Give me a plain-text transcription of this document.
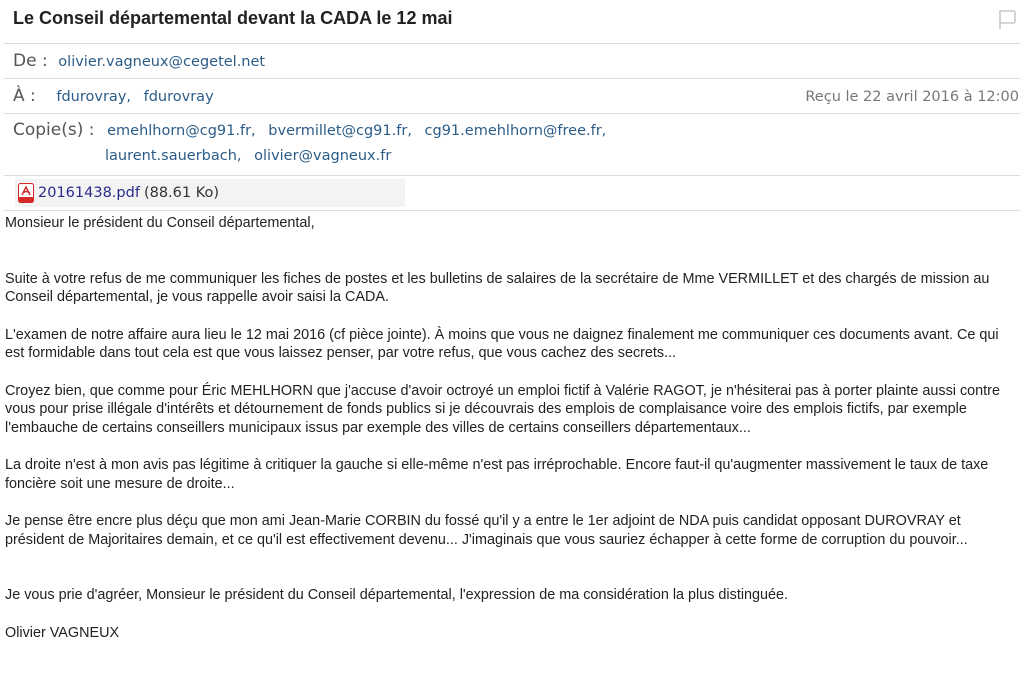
Le Conseil départemental devant la CADA le 12 mai
De : olivier.vagneux@cegetel.net
À : fdurovray, fdurovray	Reçu le 22 avril 2016 à 12:00
Copie(s) : emehlhorn@cg91.fr, bvermillet@cg91.fr, cg91.emehlhorn@free.fr,
laurent.sauerbach, olivier@vagneux.fr
20161438.pdf (88.61 Ko)

Monsieur le président du Conseil départemental,

Suite à votre refus de me communiquer les fiches de postes et les bulletins de salaires de la secrétaire de Mme VERMILLET et des chargés de mission au Conseil départemental, je vous rappelle avoir saisi la CADA.

L'examen de notre affaire aura lieu le 12 mai 2016 (cf pièce jointe). À moins que vous ne daignez finalement me communiquer ces documents avant. Ce qui est formidable dans tout cela est que vous laissez penser, par votre refus, que vous cachez des secrets...

Croyez bien, que comme pour Éric MEHLHORN que j'accuse d'avoir octroyé un emploi fictif à Valérie RAGOT, je n'hésiterai pas à porter plainte aussi contre vous pour prise illégale d'intérêts et détournement de fonds publics si je découvrais des emplois de complaisance voire des emplois fictifs, par exemple l'embauche de certains conseillers municipaux issus par exemple des villes de certains conseillers départementaux...

La droite n'est à mon avis pas légitime à critiquer la gauche si elle-même n'est pas irréprochable. Encore faut-il qu'augmenter massivement le taux de taxe foncière soit une mesure de droite...

Je pense être encre plus déçu que mon ami Jean-Marie CORBIN du fossé qu'il y a entre le 1er adjoint de NDA puis candidat opposant DUROVRAY et président de Majoritaires demain, et ce qu'il est effectivement devenu... J'imaginais que vous sauriez échapper à cette forme de corruption du pouvoir...

Je vous prie d'agréer, Monsieur le président du Conseil départemental, l'expression de ma considération la plus distinguée.

Olivier VAGNEUX
